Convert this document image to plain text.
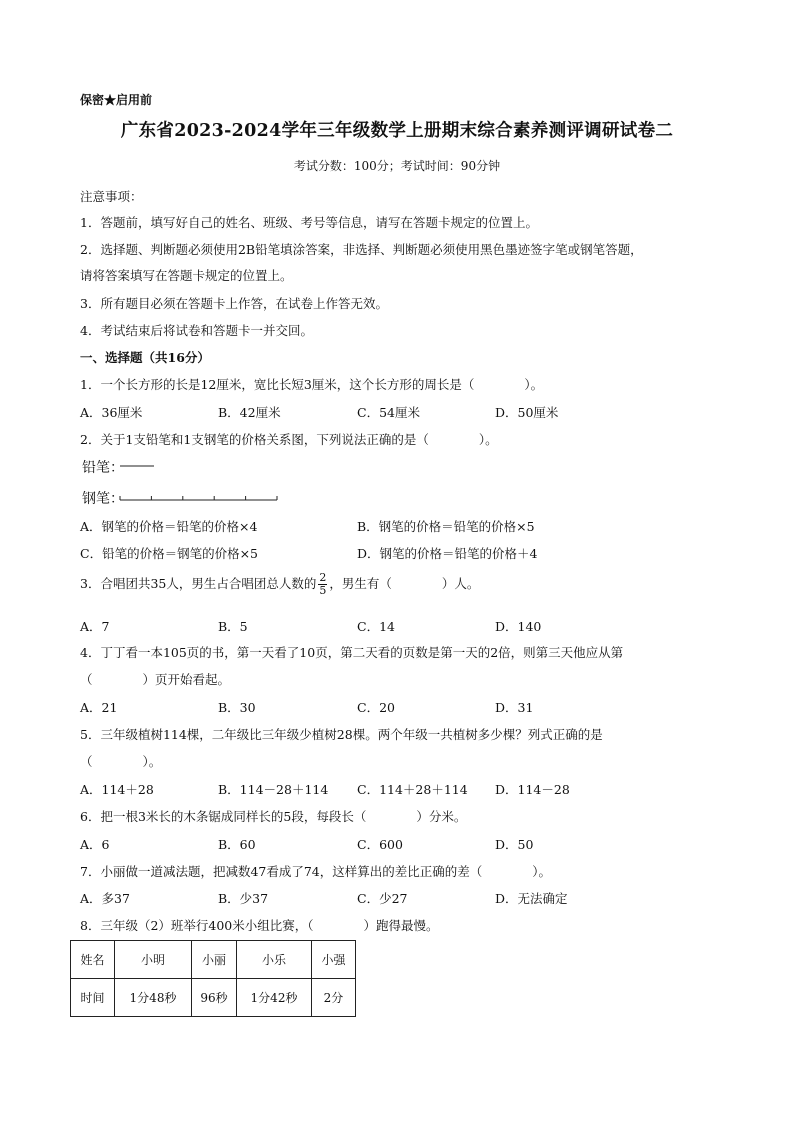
保密★启用前
广东省2023-2024学年三年级数学上册期末综合素养测评调研试卷二
考试分数：100分；考试时间：90分钟
注意事项：
1．答题前，填写好自己的姓名、班级、考号等信息，请写在答题卡规定的位置上。
2．选择题、判断题必须使用2B铅笔填涂答案，非选择、判断题必须使用黑色墨迹签字笔或钢笔答题，
请将答案填写在答题卡规定的位置上。
3．所有题目必须在答题卡上作答，在试卷上作答无效。
4．考试结束后将试卷和答题卡一并交回。
一、选择题（共16分）
1．一个长方形的长是12厘米，宽比长短3厘米，这个长方形的周长是（　　　　）。
A．36厘米	B．42厘米	C．54厘米	D．50厘米
2．关于1支铅笔和1支钢笔的价格关系图，下列说法正确的是（　　　　）。
铅笔：
钢笔：
A．钢笔的价格＝铅笔的价格×4	B．钢笔的价格＝铅笔的价格×5
C．铅笔的价格＝钢笔的价格×5	D．钢笔的价格＝铅笔的价格＋4
3．合唱团共35人，男生占合唱团总人数的 $\frac{2}{5}$ ，男生有（　　　　）人。
A．7	B．5	C．14	D．140
4．丁丁看一本105页的书，第一天看了10页，第二天看的页数是第一天的2倍，则第三天他应从第
（　　　　）页开始看起。
A．21	B．30	C．20	D．31
5．三年级植树114棵，二年级比三年级少植树28棵。两个年级一共植树多少棵？列式正确的是
（　　　　）。
A．114＋28	B．114－28＋114 C．114＋28＋114 D．114－28
6．把一根3米长的木条锯成同样长的5段，每段长（　　　　）分米。
A．6	B．60	C．600	D．50
7．小丽做一道减法题，把减数47看成了74，这样算出的差比正确的差（　　　　）。
A．多37	B．少37	C．少27	D．无法确定
8．三年级（2）班举行400米小组比赛，（　　　　）跑得最慢。
姓名	小明	小丽	小乐	小强
时间	1分48秒	96秒	1分42秒	2分
